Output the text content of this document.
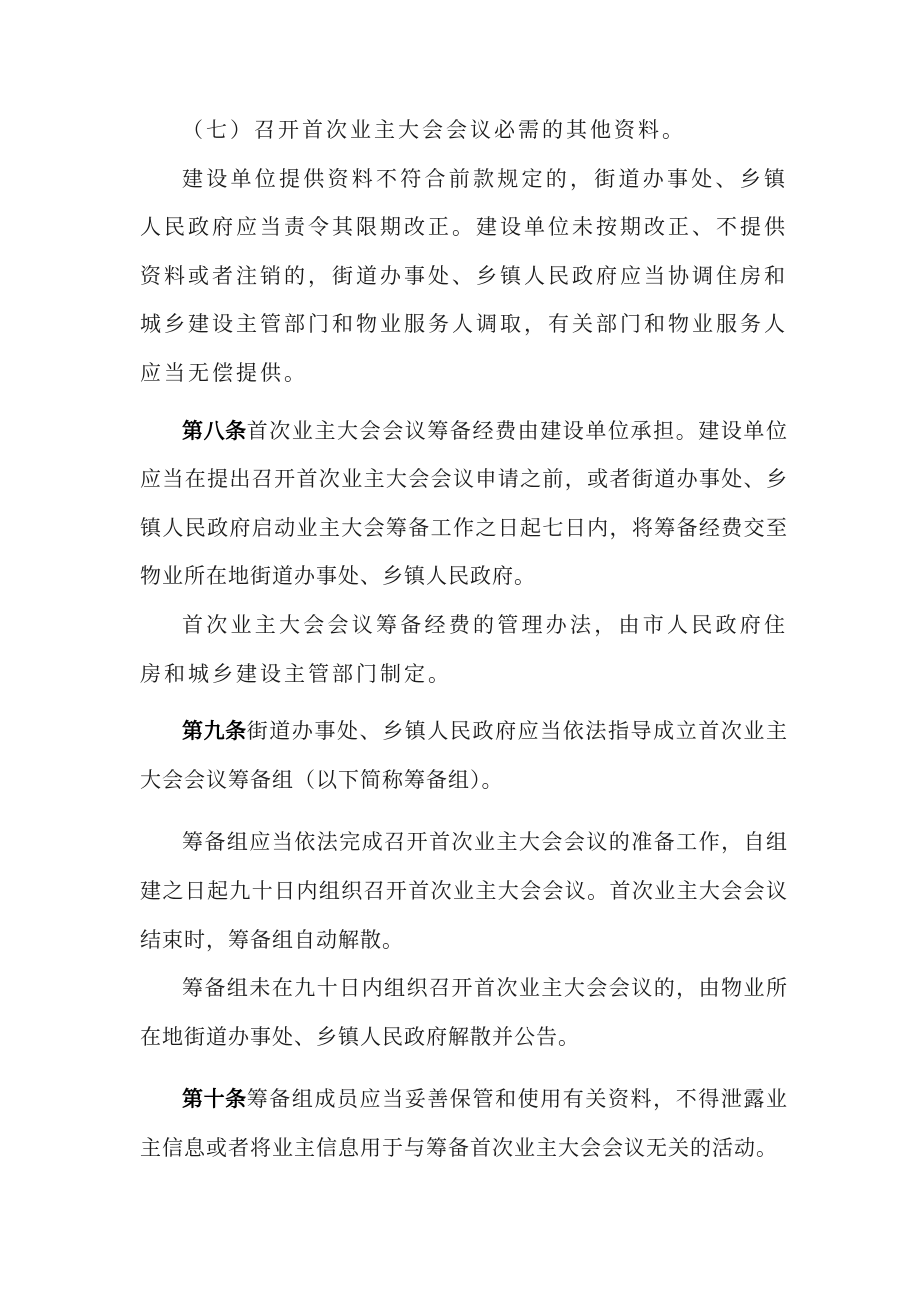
（七）召开首次业主大会会议必需的其他资料。

建设单位提供资料不符合前款规定的，街道办事处、乡镇人民政府应当责令其限期改正。建设单位未按期改正、不提供资料或者注销的，街道办事处、乡镇人民政府应当协调住房和城乡建设主管部门和物业服务人调取，有关部门和物业服务人应当无偿提供。

第八条首次业主大会会议筹备经费由建设单位承担。建设单位应当在提出召开首次业主大会会议申请之前，或者街道办事处、乡镇人民政府启动业主大会筹备工作之日起七日内，将筹备经费交至物业所在地街道办事处、乡镇人民政府。

首次业主大会会议筹备经费的管理办法，由市人民政府住房和城乡建设主管部门制定。

第九条街道办事处、乡镇人民政府应当依法指导成立首次业主大会会议筹备组（以下简称筹备组）。

筹备组应当依法完成召开首次业主大会会议的准备工作，自组建之日起九十日内组织召开首次业主大会会议。首次业主大会会议结束时，筹备组自动解散。

筹备组未在九十日内组织召开首次业主大会会议的，由物业所在地街道办事处、乡镇人民政府解散并公告。

第十条筹备组成员应当妥善保管和使用有关资料，不得泄露业主信息或者将业主信息用于与筹备首次业主大会会议无关的活动。
